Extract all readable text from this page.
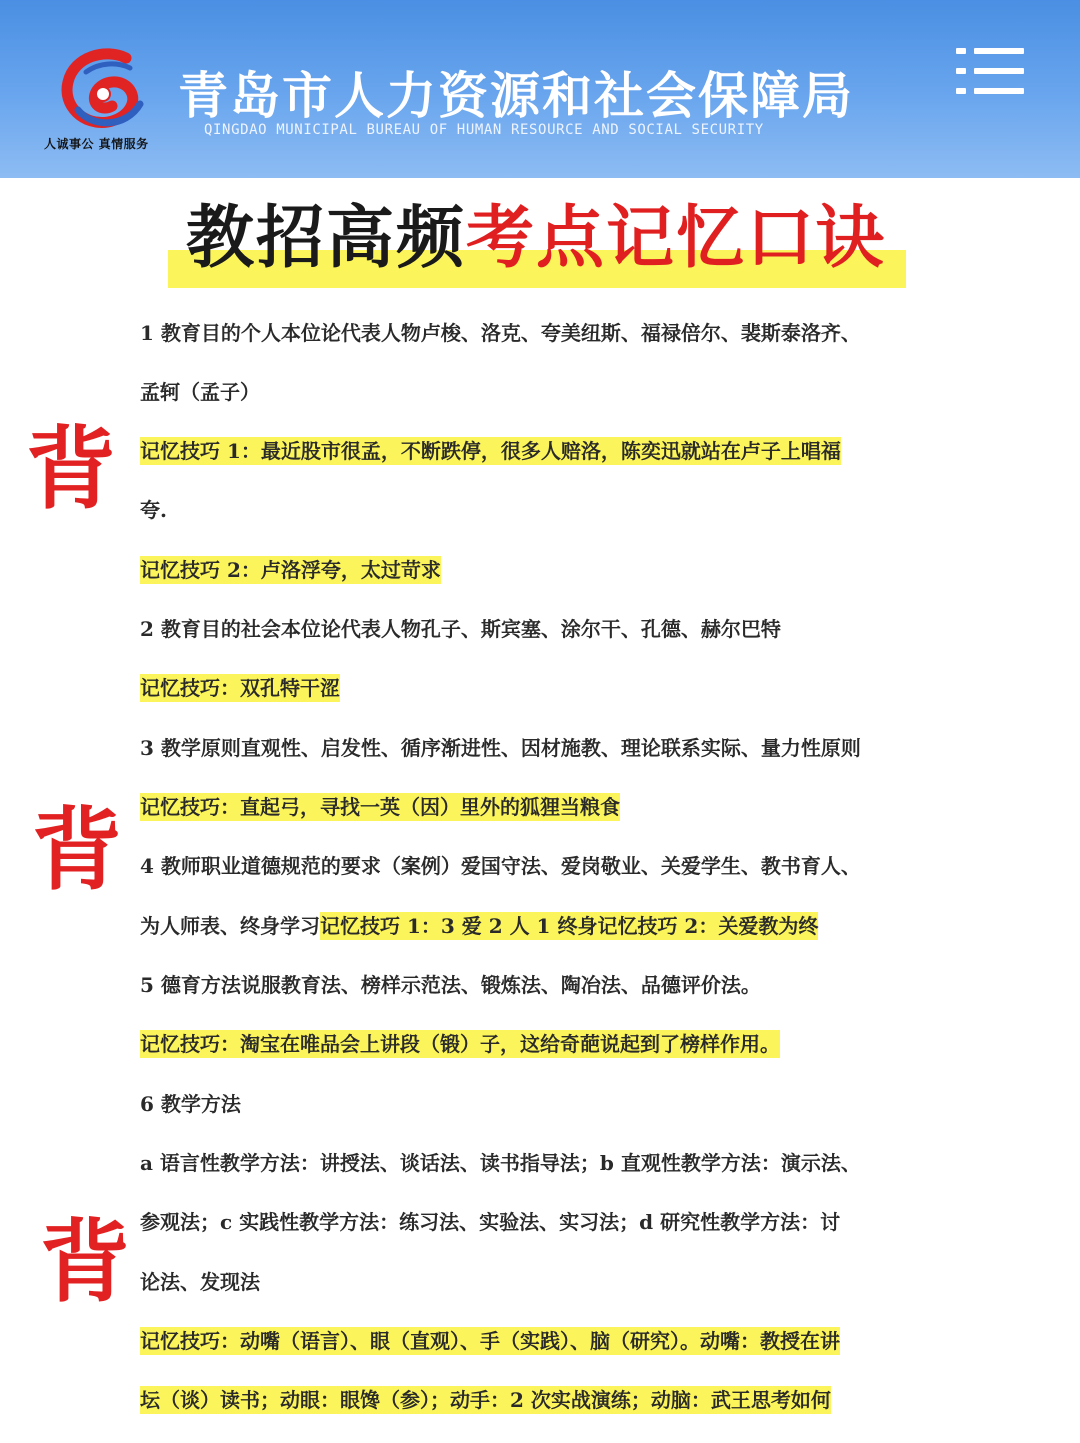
人诚事公 真情服务
青岛市人力资源和社会保障局
QINGDAO MUNICIPAL BUREAU OF HUMAN RESOURCE AND SOCIAL SECURITY
教招高频考点记忆口诀
背
背
背
1 教育目的个人本位论代表人物卢梭、洛克、夸美纽斯、福禄倍尔、裴斯泰洛齐、
孟轲（孟子）
记忆技巧 1：最近股市很孟，不断跌停，很多人赔洛，陈奕迅就站在卢子上唱福
夸.
记忆技巧 2：卢洛浮夸，太过苛求
2 教育目的社会本位论代表人物孔子、斯宾塞、涂尔干、孔德、赫尔巴特
记忆技巧：双孔特干涩
3 教学原则直观性、启发性、循序渐进性、因材施教、理论联系实际、量力性原则
记忆技巧：直起弓，寻找一英（因）里外的狐狸当粮食
4 教师职业道德规范的要求（案例）爱国守法、爱岗敬业、关爱学生、教书育人、
为人师表、终身学习记忆技巧 1：3 爱 2 人 1 终身记忆技巧 2：关爱教为终
5 德育方法说服教育法、榜样示范法、锻炼法、陶冶法、品德评价法。
记忆技巧：淘宝在唯品会上讲段（锻）子，这给奇葩说起到了榜样作用。
6 教学方法
a 语言性教学方法：讲授法、谈话法、读书指导法；b 直观性教学方法：演示法、
参观法；c 实践性教学方法：练习法、实验法、实习法；d 研究性教学方法：讨
论法、发现法
记忆技巧：动嘴（语言）、眼（直观）、手（实践）、脑（研究）。动嘴：教授在讲
坛（谈）读书；动眼：眼馋（参）；动手：2 次实战演练；动脑：武王思考如何
